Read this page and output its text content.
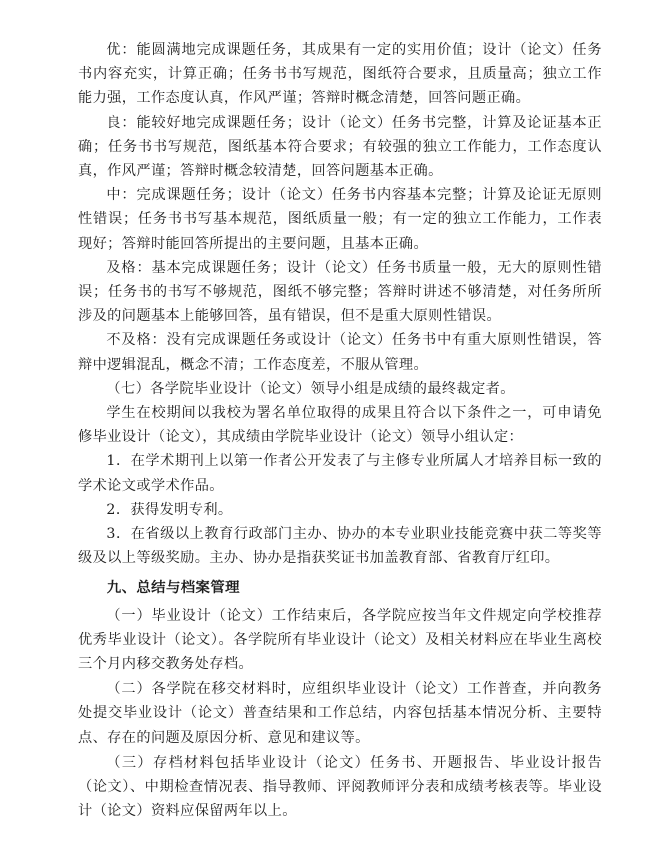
优：能圆满地完成课题任务，其成果有一定的实用价值；设计（论文）任务书内容充实，计算正确；任务书书写规范，图纸符合要求，且质量高；独立工作能力强，工作态度认真，作风严谨；答辩时概念清楚，回答问题正确。

良：能较好地完成课题任务；设计（论文）任务书完整，计算及论证基本正确；任务书书写规范，图纸基本符合要求；有较强的独立工作能力，工作态度认真，作风严谨；答辩时概念较清楚，回答问题基本正确。

中：完成课题任务；设计（论文）任务书内容基本完整；计算及论证无原则性错误；任务书书写基本规范，图纸质量一般；有一定的独立工作能力，工作表现好；答辩时能回答所提出的主要问题，且基本正确。

及格：基本完成课题任务；设计（论文）任务书质量一般，无大的原则性错误；任务书的书写不够规范，图纸不够完整；答辩时讲述不够清楚，对任务所所涉及的问题基本上能够回答，虽有错误，但不是重大原则性错误。

不及格：没有完成课题任务或设计（论文）任务书中有重大原则性错误，答辩中逻辑混乱，概念不清；工作态度差，不服从管理。

（七）各学院毕业设计（论文）领导小组是成绩的最终裁定者。

学生在校期间以我校为署名单位取得的成果且符合以下条件之一，可申请免修毕业设计（论文），其成绩由学院毕业设计（论文）领导小组认定：

1．在学术期刊上以第一作者公开发表了与主修专业所属人才培养目标一致的学术论文或学术作品。

2．获得发明专利。

3．在省级以上教育行政部门主办、协办的本专业职业技能竞赛中获二等奖等级及以上等级奖励。主办、协办是指获奖证书加盖教育部、省教育厅红印。

九、总结与档案管理

（一）毕业设计（论文）工作结束后，各学院应按当年文件规定向学校推荐优秀毕业设计（论文）。各学院所有毕业设计（论文）及相关材料应在毕业生离校三个月内移交教务处存档。

（二）各学院在移交材料时，应组织毕业设计（论文）工作普查，并向教务处提交毕业设计（论文）普查结果和工作总结，内容包括基本情况分析、主要特点、存在的问题及原因分析、意见和建议等。

（三）存档材料包括毕业设计（论文）任务书、开题报告、毕业设计报告（论文）、中期检查情况表、指导教师、评阅教师评分表和成绩考核表等。毕业设计（论文）资料应保留两年以上。
